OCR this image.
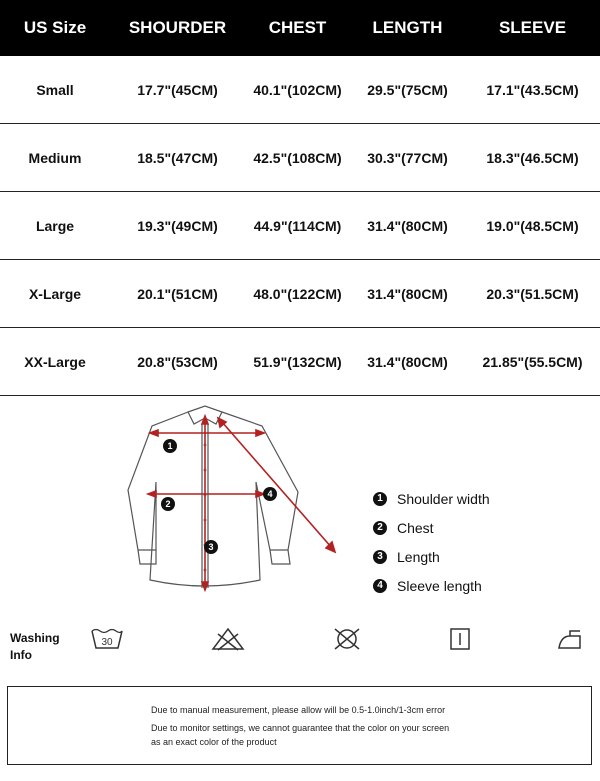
US Size	SHOURDER	CHEST	LENGTH	SLEEVE
Small	17.7"(45CM)	40.1"(102CM)	29.5"(75CM)	17.1"(43.5CM)
Medium	18.5"(47CM)	42.5"(108CM)	30.3"(77CM)	18.3"(46.5CM)
Large	19.3"(49CM)	44.9"(114CM)	31.4"(80CM)	19.0"(48.5CM)
X-Large	20.1"(51CM)	48.0"(122CM)	31.4"(80CM)	20.3"(51.5CM)
XX-Large	20.8"(53CM)	51.9"(132CM)	31.4"(80CM)	21.85"(55.5CM)
1
2
3
4	1	Shoulder width
2	Chest
3	Length
4	Sleeve length
Washing
Info
30
Due to manual measurement, please allow will be 0.5-1.0inch/1-3cm error
Due to monitor settings, we cannot guarantee that the color on your screen
as an exact color of the product
